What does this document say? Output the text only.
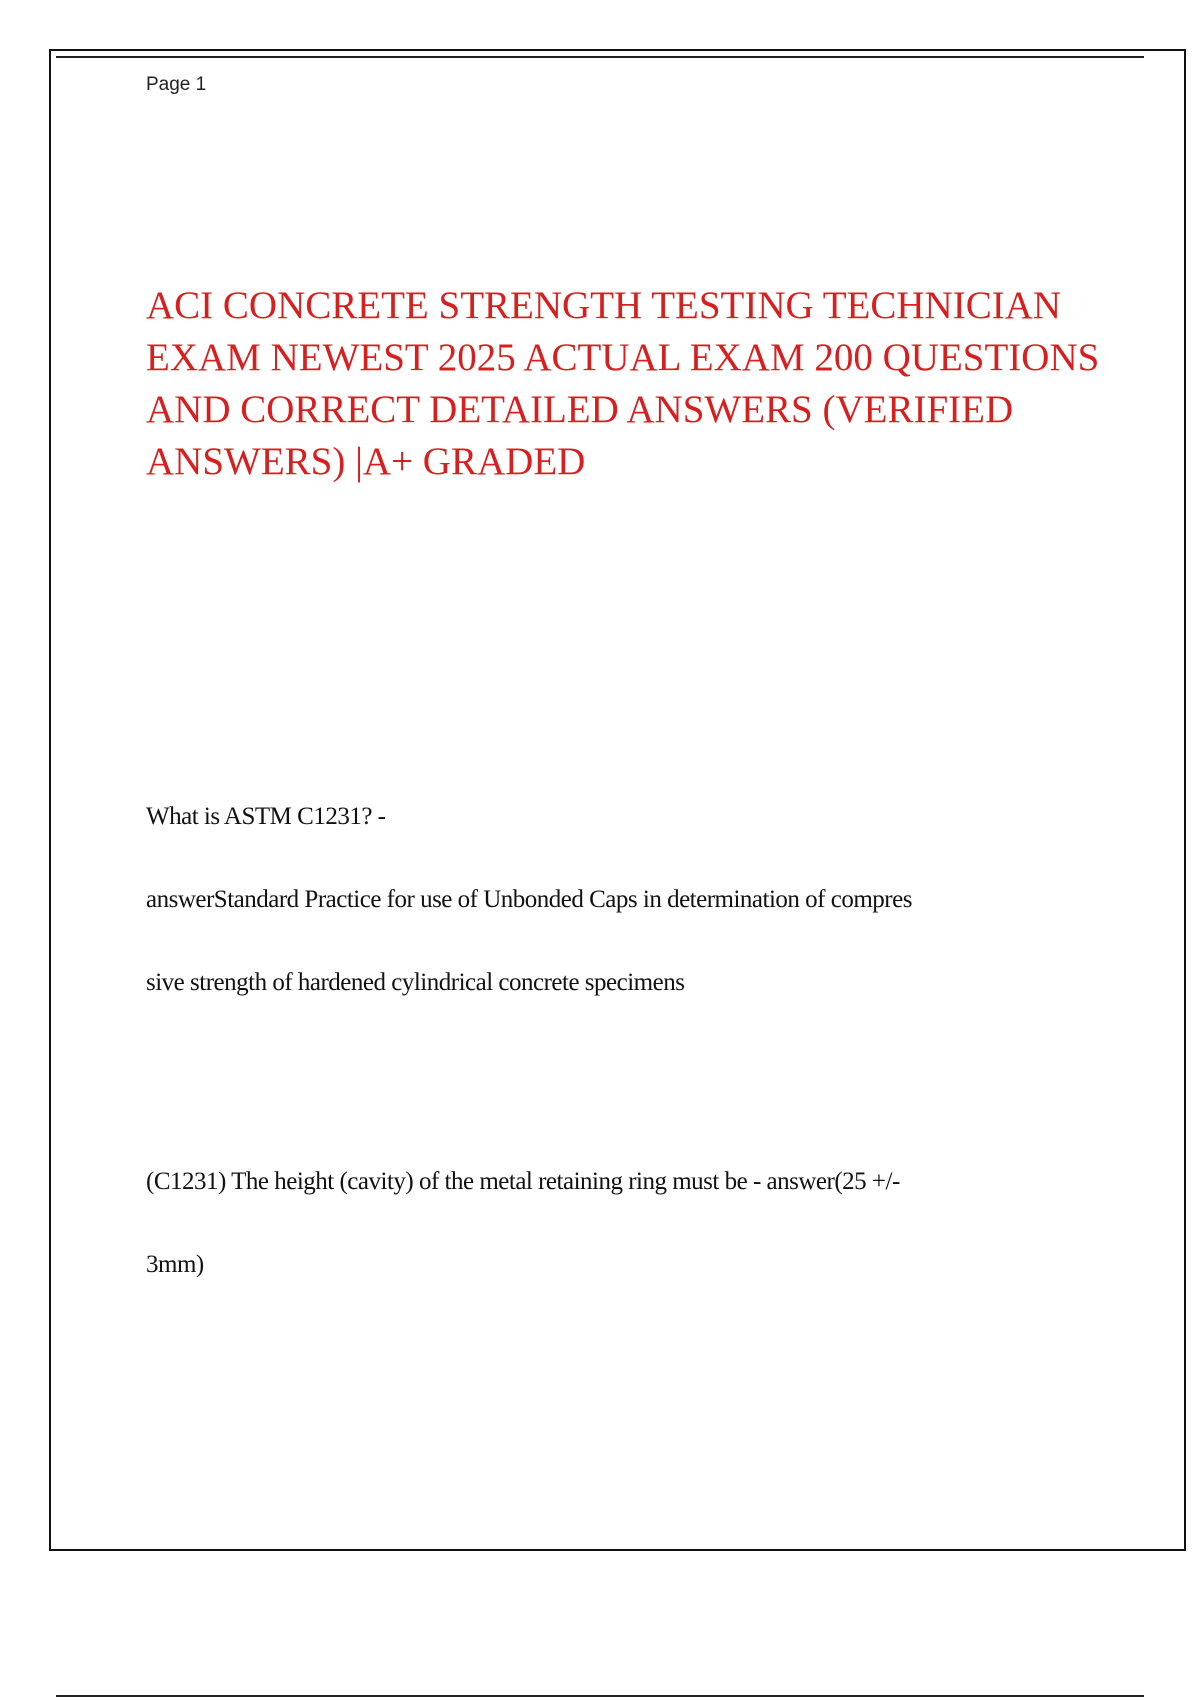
Page 1
ACI CONCRETE STRENGTH TESTING TECHNICIAN
EXAM NEWEST 2025 ACTUAL EXAM 200 QUESTIONS
AND CORRECT DETAILED ANSWERS (VERIFIED
ANSWERS) |A+ GRADED
What is ASTM C1231? -
answerStandard Practice for use of Unbonded Caps in determination of compres
sive strength of hardened cylindrical concrete specimens
(C1231) The height (cavity) of the metal retaining ring must be - answer(25 +/-
3mm)
